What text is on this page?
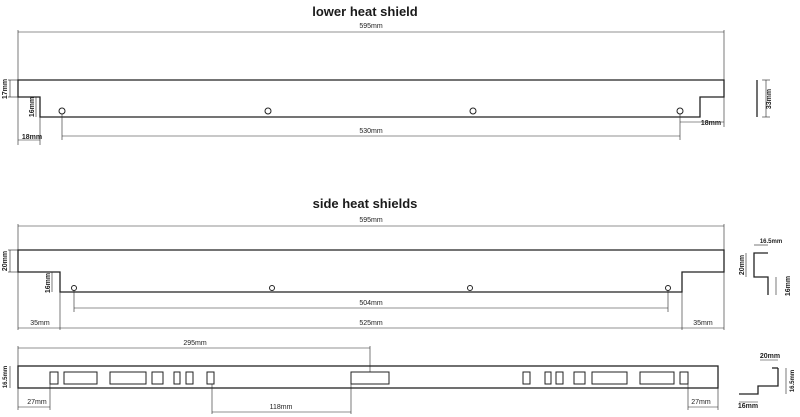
lower heat shield
side heat shields
595mm
17mm
16mm
18mm
18mm
530mm
33mm
595mm
20mm
16mm
504mm
525mm
35mm	35mm
16.5mm
20mm
16mm
295mm
16.5mm
27mm	27mm
118mm
20mm
16.5mm
16mm
